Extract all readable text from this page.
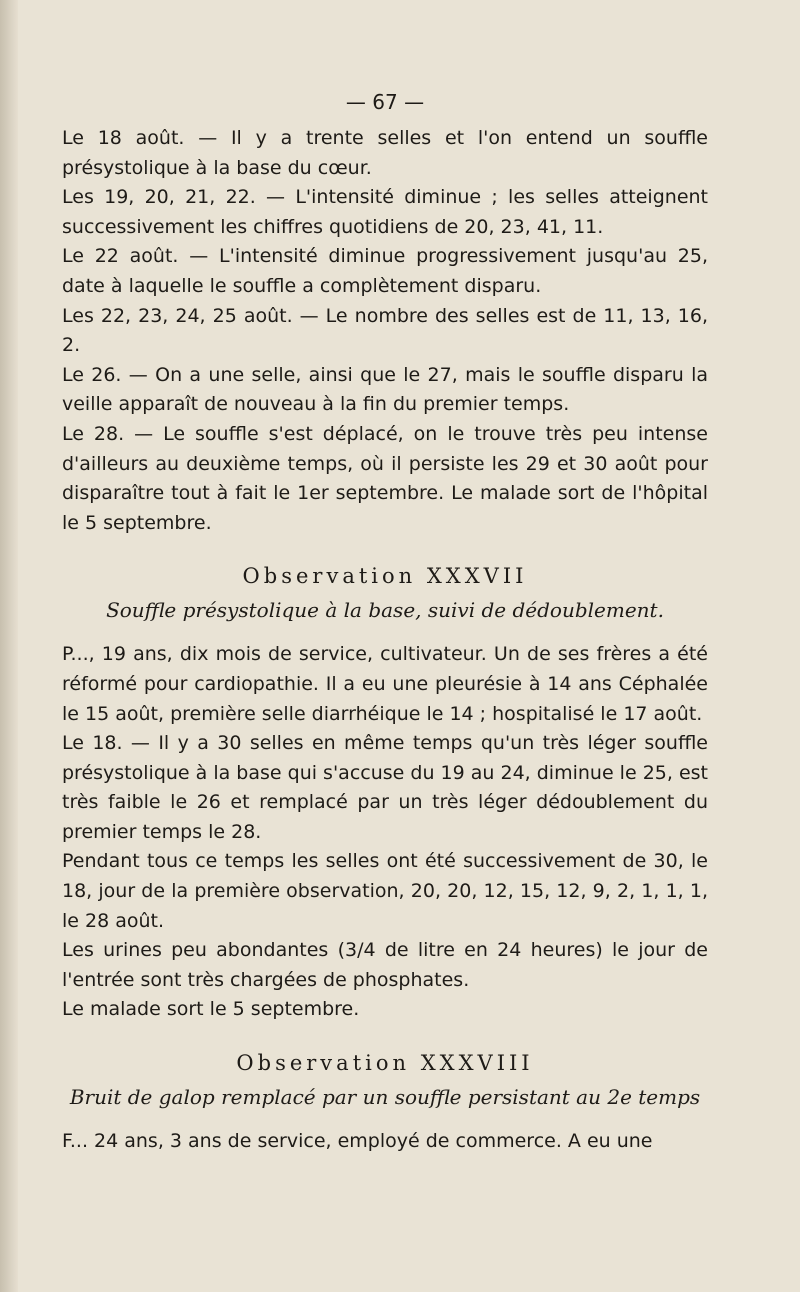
— 67 —

Le 18 août. — Il y a trente selles et l'on entend un souffle présystolique à la base du cœur.

Les 19, 20, 21, 22. — L'intensité diminue ; les selles atteignent successivement les chiffres quotidiens de 20, 23, 41, 11.

Le 22 août. — L'intensité diminue progressivement jusqu'au 25, date à laquelle le souffle a complètement disparu.

Les 22, 23, 24, 25 août. — Le nombre des selles est de 11, 13, 16, 2.

Le 26. — On a une selle, ainsi que le 27, mais le souffle disparu la veille apparaît de nouveau à la fin du premier temps.

Le 28. — Le souffle s'est déplacé, on le trouve très peu intense d'ailleurs au deuxième temps, où il persiste les 29 et 30 août pour disparaître tout à fait le 1er septembre. Le malade sort de l'hôpital le 5 septembre.

Observation XXXVII
Souffle présystolique à la base, suivi de dédoublement.

P..., 19 ans, dix mois de service, cultivateur. Un de ses frères a été réformé pour cardiopathie. Il a eu une pleurésie à 14 ans Céphalée le 15 août, première selle diarrhéique le 14 ; hospitalisé le 17 août.

Le 18. — Il y a 30 selles en même temps qu'un très léger souffle présystolique à la base qui s'accuse du 19 au 24, diminue le 25, est très faible le 26 et remplacé par un très léger dédoublement du premier temps le 28.

Pendant tous ce temps les selles ont été successivement de 30, le 18, jour de la première observation, 20, 20, 12, 15, 12, 9, 2, 1, 1, 1, le 28 août.

Les urines peu abondantes (3/4 de litre en 24 heures) le jour de l'entrée sont très chargées de phosphates.

Le malade sort le 5 septembre.

Observation XXXVIII
Bruit de galop remplacé par un souffle persistant au 2e temps

F... 24 ans, 3 ans de service, employé de commerce. A eu une
